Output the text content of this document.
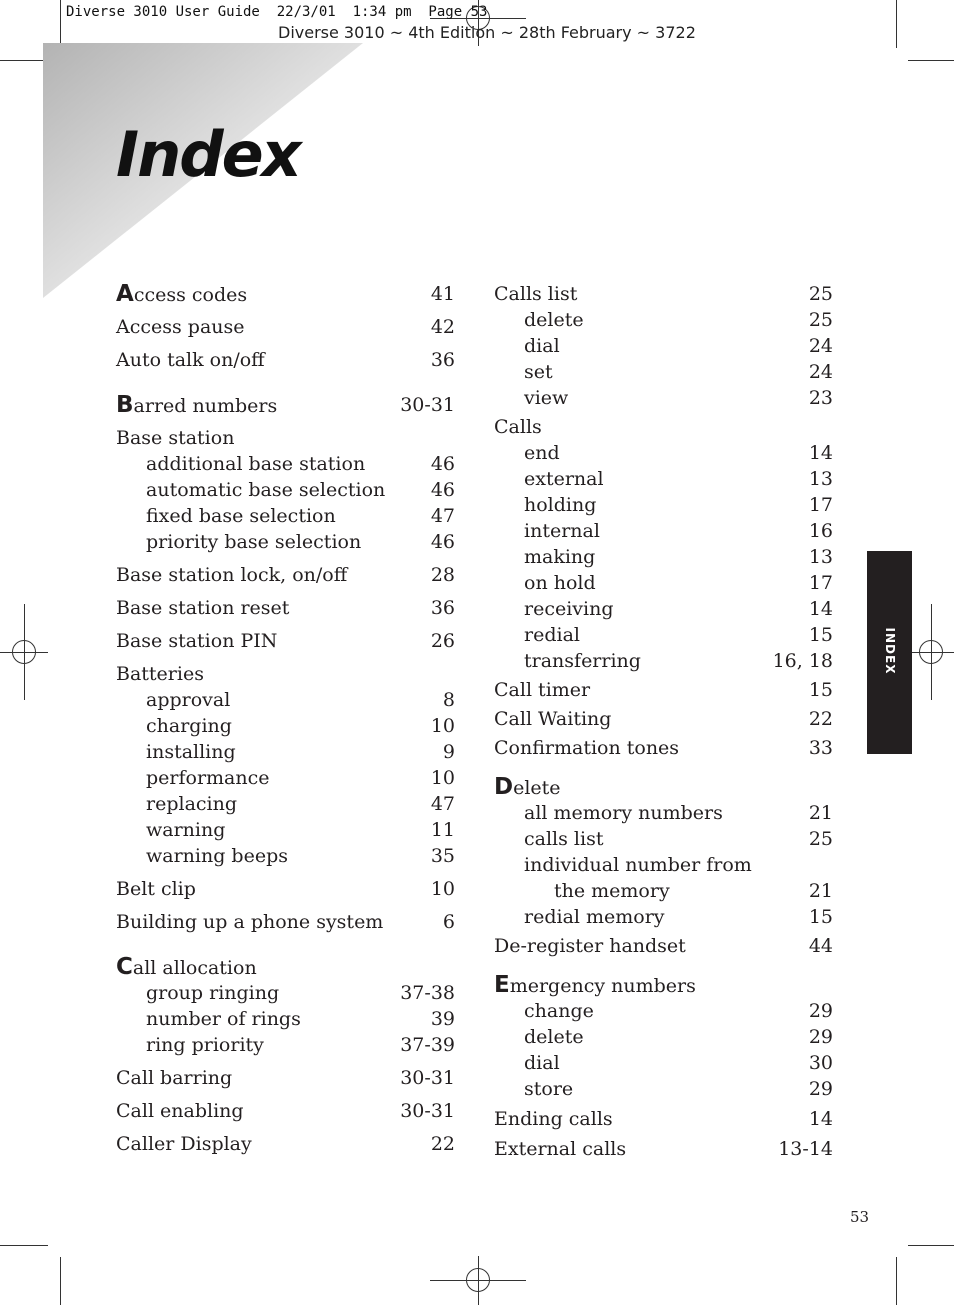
Diverse 3010 User Guide  22/3/01  1:34 pm  Page 53
Diverse 3010 ~ 4th Edition ~ 28th February ~ 3722
Index
Access codes	41
Access pause	42
Auto talk on/off	36
Barred numbers	30-31
Base station
additional base station	46
automatic base selection 46
fixed base selection	47
priority base selection	46
Base station lock, on/off	28
Base station reset	36
Base station PIN	26
Batteries
approval	8
charging	10
installing	9
performance	10
replacing	47
warning	11
warning beeps	35
Belt clip	10
Building up a phone system	6
Call allocation
group ringing	37-38
number of rings	39
ring priority	37-39
Call barring	30-31
Call enabling	30-31
Caller Display	22
Calls list	25
delete	25
dial	24
set	24
view	23
Calls
end	14
external	13
holding	17
internal	16
making	13
on hold	17
receiving	14
redial	15
transferring	16, 18
Call timer	15
Call Waiting	22
Confirmation tones	33
Delete
all memory numbers	21
calls list	25
individual number from
the memory	21
redial memory	15
De-register handset	44
Emergency numbers
change	29
delete	29
dial	30
store	29
Ending calls	14
External calls	13-14
INDEX
53
